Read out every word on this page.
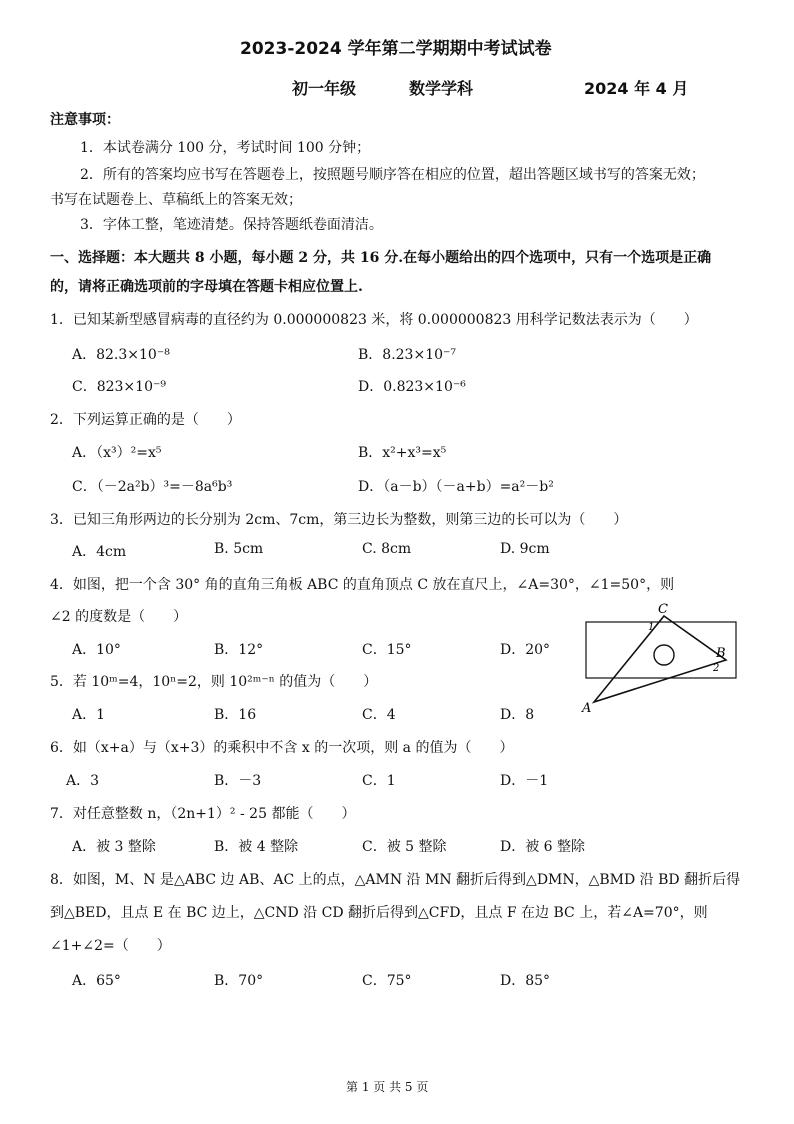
2023-2024 学年第二学期期中考试试卷
初一年级	数学学科	2024 年 4 月
注意事项：
1．本试卷满分 100 分，考试时间 100 分钟；
2．所有的答案均应书写在答题卷上，按照题号顺序答在相应的位置，超出答题区域书写的答案无效；
书写在试题卷上、草稿纸上的答案无效；
3．字体工整，笔迹清楚。保持答题纸卷面清洁。
一、选择题：本大题共 8 小题，每小题 2 分，共 16 分.在每小题给出的四个选项中，只有一个选项是正确
的，请将正确选项前的字母填在答题卡相应位置上.
1．已知某新型感冒病毒的直径约为 0.000000823 米，将 0.000000823 用科学记数法表示为（　　）
A．82.3×10⁻⁸	B．8.23×10⁻⁷
C．823×10⁻⁹	D．0.823×10⁻⁶
2．下列运算正确的是（　　）
A．（x³）²=x⁵	B．x²+x³=x⁵
C．（－2a²b）³=－8a⁶b³	D．（a－b）（－a+b）=a²－b²
3．已知三角形两边的长分别为 2cm、7cm，第三边长为整数，则第三边的长可以为（　　）
A．4cm	B. 5cm	C. 8cm	D. 9cm
4．如图，把一个含 30° 角的直角三角板 ABC 的直角顶点 C 放在直尺上，∠A=30°，∠1=50°，则
∠2 的度数是（　　）
A．10°	B．12°	C．15°	D．20°
C
B
A
1
2
5．若 10ᵐ=4，10ⁿ=2，则 10²ᵐ⁻ⁿ 的值为（　　）
A．1	B．16	C．4	D．8
6．如（x+a）与（x+3）的乘积中不含 x 的一次项，则 a 的值为（　　）
A．3	B．－3	C．1	D．－1
7．对任意整数 n，（2n+1）² - 25 都能（　　）
A．被 3 整除	B．被 4 整除	C．被 5 整除	D．被 6 整除
8．如图，M、N 是△ABC 边 AB、AC 上的点，△AMN 沿 MN 翻折后得到△DMN，△BMD 沿 BD 翻折后得
到△BED，且点 E 在 BC 边上，△CND 沿 CD 翻折后得到△CFD，且点 F 在边 BC 上，若∠A=70°，则
∠1+∠2=（　　）
A．65°	B．70°	C．75°	D．85°
第 1 页 共 5 页
